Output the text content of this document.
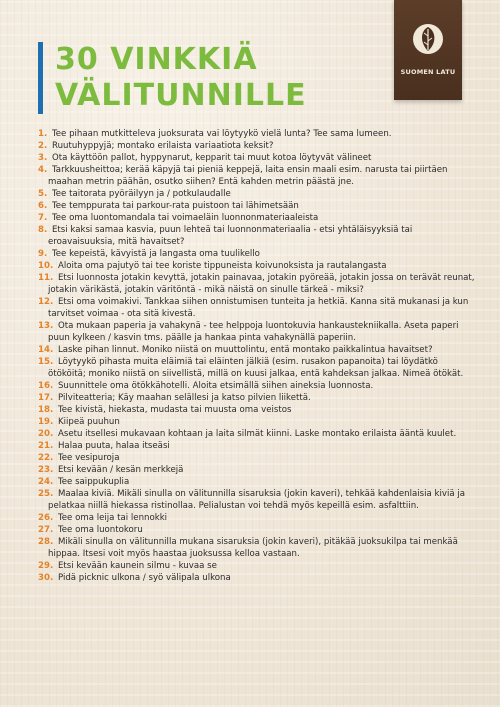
30 VINKKIÄ
VÄLITUNNILLE
SUOMEN LATU
1. Tee pihaan mutkitteleva juoksurata vai löytyykö vielä lunta? Tee sama lumeen.
2. Ruutuhyppyjä; montako erilaista variaatiota keksit?
3. Ota käyttöön pallot, hyppynarut, kepparit tai muut kotoa löytyvät välineet
4. Tarkkuusheittoa; kerää käpyjä tai pieniä keppejä, laita ensin maali esim. narusta tai piirtäen maahan metrin päähän, osutko siihen? Entä kahden metrin päästä jne.
5. Tee taitorata pyöräilyyn ja / potkulaudalle
6. Tee temppurata tai parkour-rata puistoon tai lähimetsään
7. Tee oma luontomandala tai voimaeläin luonnonmateriaaleista
8. Etsi kaksi samaa kasvia, puun lehteä tai luonnonmateriaalia - etsi yhtäläisyyksiä tai eroavaisuuksia, mitä havaitset?
9. Tee kepeistä, kävyistä ja langasta oma tuulikello
10. Aloita oma pajutyö tai tee koriste tippuneista koivunoksista ja rautalangasta
11. Etsi luonnosta jotakin kevyttä, jotakin painavaa, jotakin pyöreää, jotakin jossa on terävät reunat, jotakin värikästä, jotakin väritöntä - mikä näistä on sinulle tärkeä - miksi?
12. Etsi oma voimakivi. Tankkaa siihen onnistumisen tunteita ja hetkiä. Kanna sitä mukanasi ja kun tarvitset voimaa - ota sitä kivestä.
13. Ota mukaan paperia ja vahakynä - tee helppoja luontokuvia hankaustekniikalla. Aseta paperi puun kylkeen / kasvin tms. päälle ja hankaa pinta vahakynällä paperiin.
14. Laske pihan linnut. Moniko niistä on muuttolintu, entä montako paikkalintua havaitset?
15. Löytyykö pihasta muita eläimiä tai eläinten jälkiä (esim. rusakon papanoita) tai löydätkö ötököitä; moniko niistä on siivellistä, millä on kuusi jalkaa, entä kahdeksan jalkaa. Nimeä ötökät.
16. Suunnittele oma ötökkähotelli. Aloita etsimällä siihen aineksia luonnosta.
17. Pilviteatteria; Käy maahan selällesi ja katso pilvien liikettä.
18. Tee kivistä, hiekasta, mudasta tai muusta oma veistos
19. Kiipeä puuhun
20. Asetu itsellesi mukavaan kohtaan ja laita silmät kiinni. Laske montako erilaista ääntä kuulet.
21. Halaa puuta, halaa itseäsi
22. Tee vesipuroja
23. Etsi kevään / kesän merkkejä
24. Tee saippukuplia
25. Maalaa kiviä. Mikäli sinulla on välitunnilla sisaruksia (jokin kaveri), tehkää kahdenlaisia kiviä ja pelatkaa niillä hiekassa ristinollaa. Pelialustan voi tehdä myös kepeillä esim. asfalttiin.
26. Tee oma leija tai lennokki
27. Tee oma luontokoru
28. Mikäli sinulla on välitunnilla mukana sisaruksia (jokin kaveri), pitäkää juoksukilpa tai menkää hippaa. Itsesi voit myös haastaa juoksussa kelloa vastaan.
29. Etsi kevään kaunein silmu - kuvaa se
30. Pidä picknic ulkona / syö välipala ulkona
